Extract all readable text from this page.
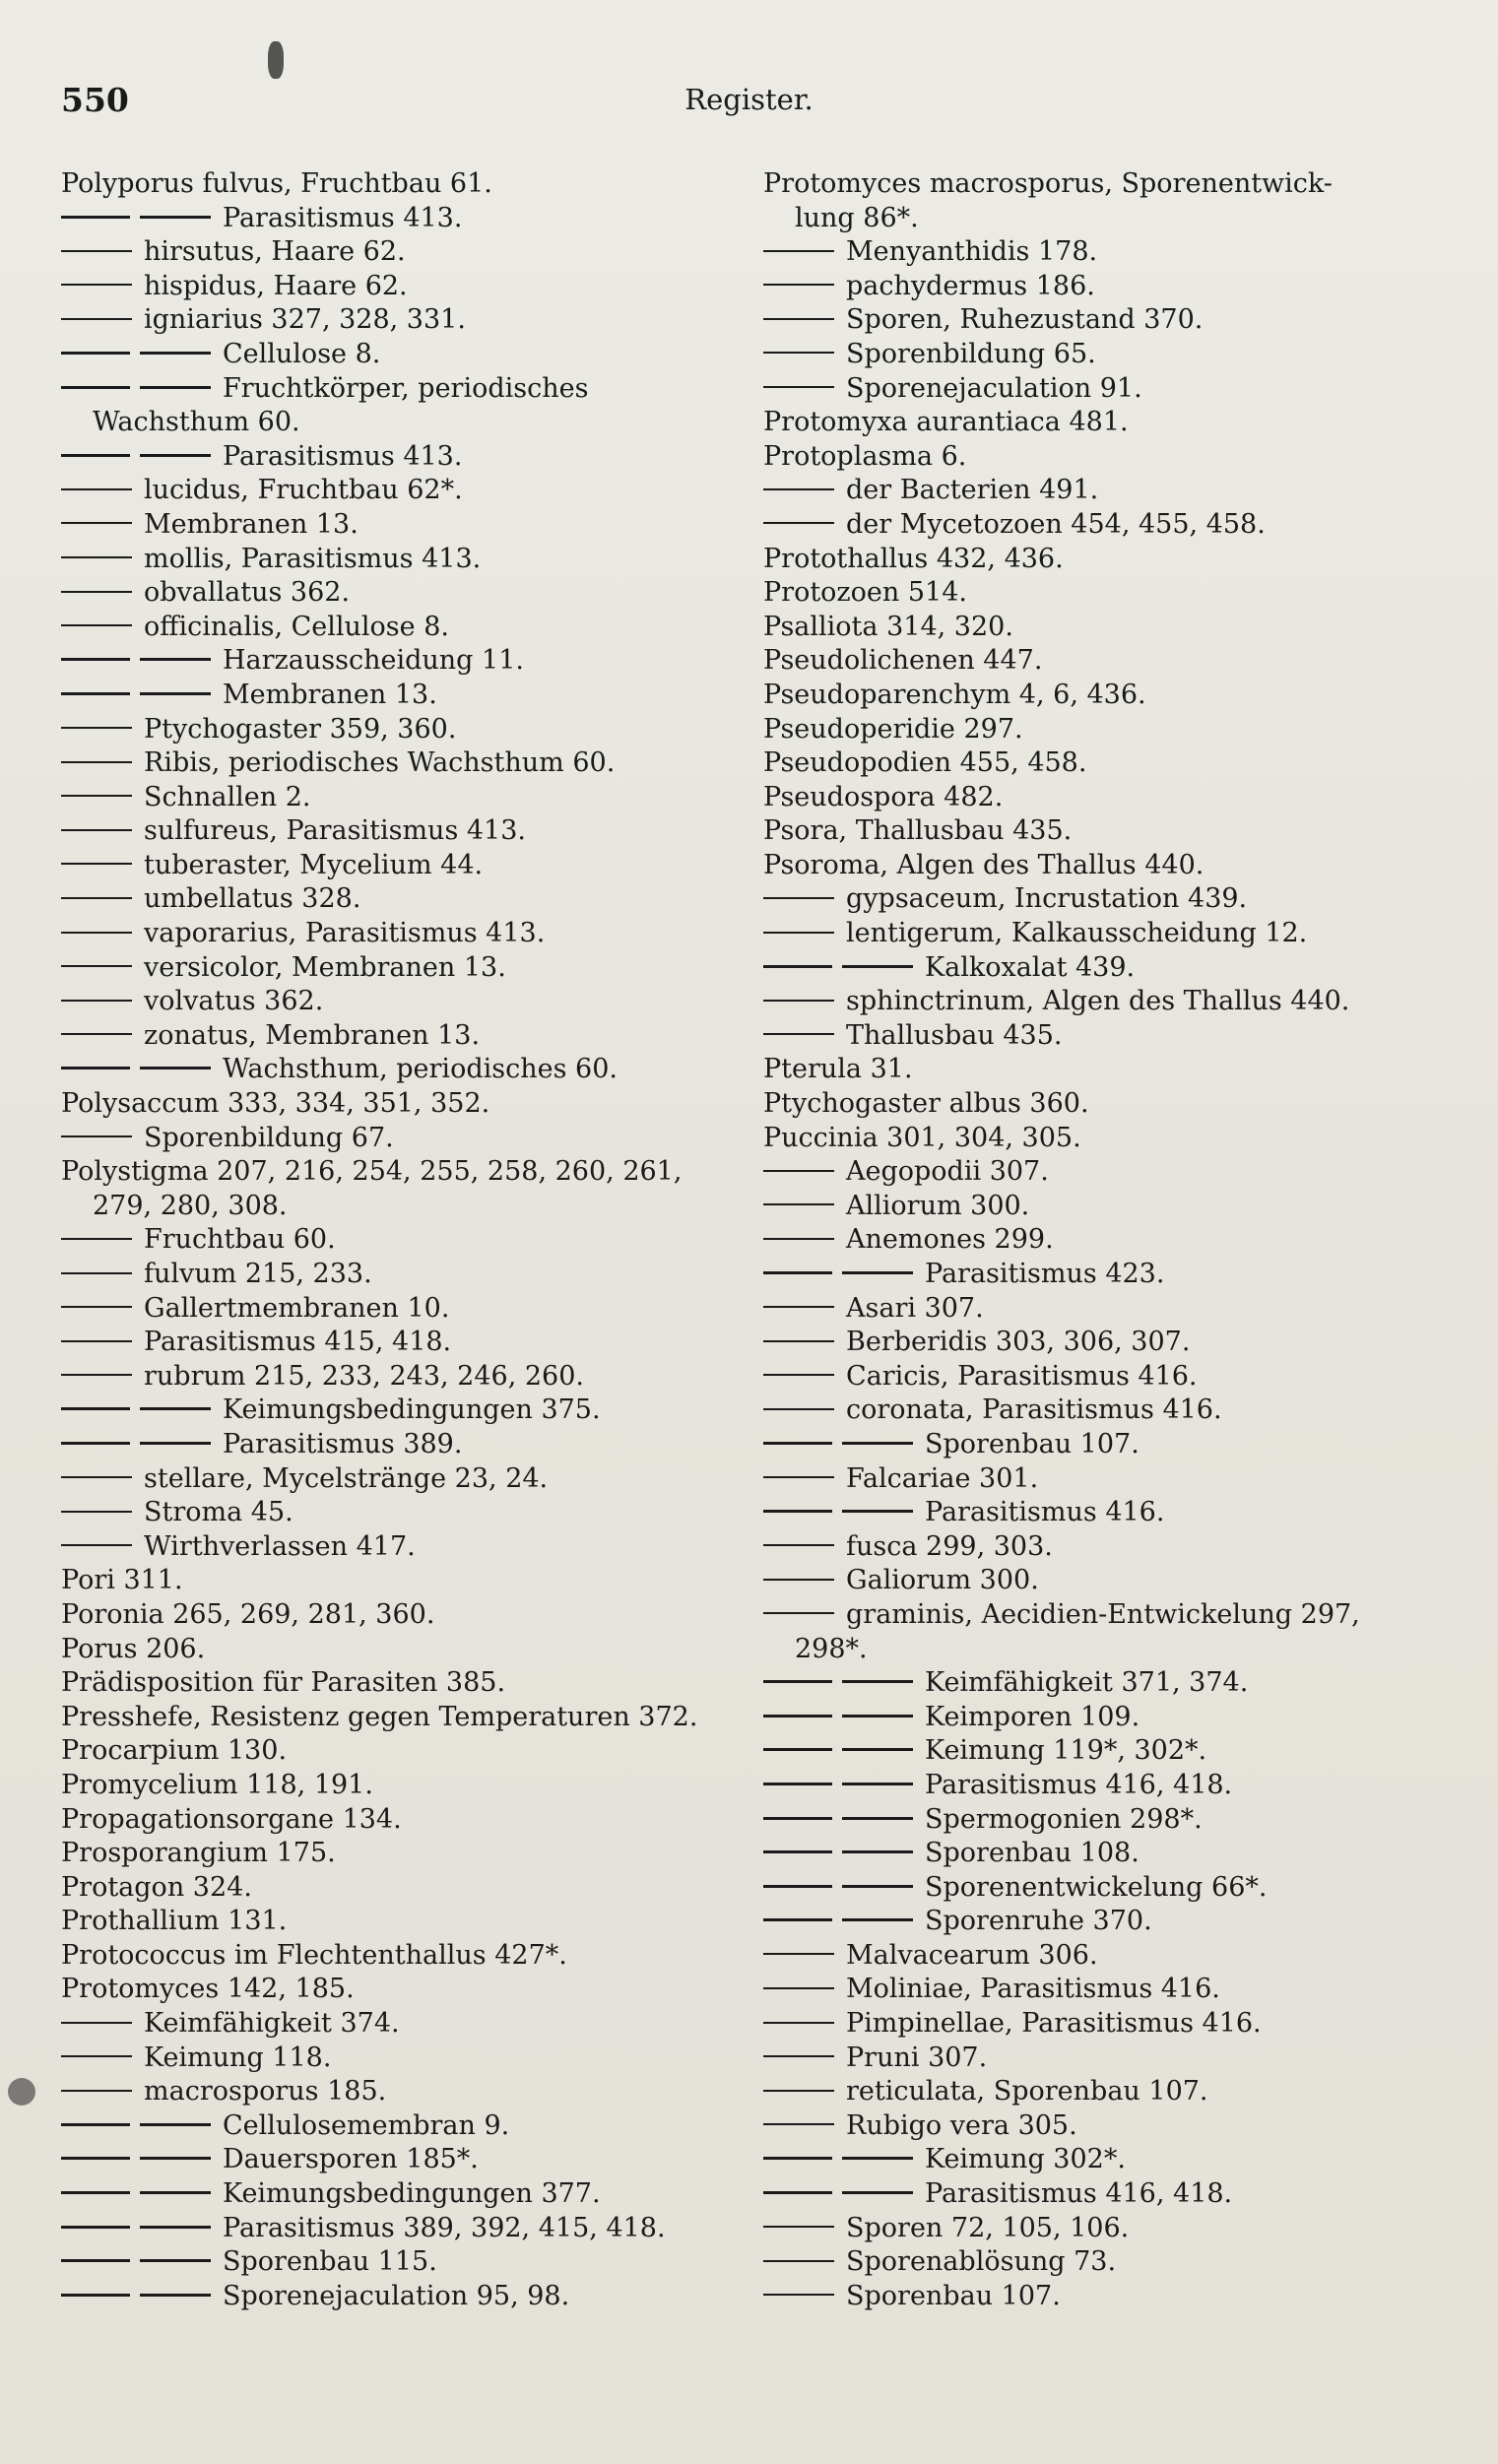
550	Register.
Polyporus fulvus, Fruchtbau 61.
Parasitismus 413.
hirsutus, Haare 62.
hispidus, Haare 62.
igniarius 327, 328, 331.
Cellulose 8.
Fruchtkörper, periodisches
Wachsthum 60.
Parasitismus 413.
lucidus, Fruchtbau 62*.
Membranen 13.
mollis, Parasitismus 413.
obvallatus 362.
officinalis, Cellulose 8.
Harzausscheidung 11.
Membranen 13.
Ptychogaster 359, 360.
Ribis, periodisches Wachsthum 60.
Schnallen 2.
sulfureus, Parasitismus 413.
tuberaster, Mycelium 44.
umbellatus 328.
vaporarius, Parasitismus 413.
versicolor, Membranen 13.
volvatus 362.
zonatus, Membranen 13.
Wachsthum, periodisches 60.
Polysaccum 333, 334, 351, 352.
Sporenbildung 67.
Polystigma 207, 216, 254, 255, 258, 260, 261,
279, 280, 308.
Fruchtbau 60.
fulvum 215, 233.
Gallertmembranen 10.
Parasitismus 415, 418.
rubrum 215, 233, 243, 246, 260.
Keimungsbedingungen 375.
Parasitismus 389.
stellare, Mycelstränge 23, 24.
Stroma 45.
Wirthverlassen 417.
Pori 311.
Poronia 265, 269, 281, 360.
Porus 206.
Prädisposition für Parasiten 385.
Presshefe, Resistenz gegen Temperaturen 372.
Procarpium 130.
Promycelium 118, 191.
Propagationsorgane 134.
Prosporangium 175.
Protagon 324.
Prothallium 131.
Protococcus im Flechtenthallus 427*.
Protomyces 142, 185.
Keimfähigkeit 374.
Keimung 118.
macrosporus 185.
Cellulosemembran 9.
Dauersporen 185*.
Keimungsbedingungen 377.
Parasitismus 389, 392, 415, 418.
Sporenbau 115.
Sporenejaculation 95, 98.
Protomyces macrosporus, Sporenentwick-
lung 86*.
Menyanthidis 178.
pachydermus 186.
Sporen, Ruhezustand 370.
Sporenbildung 65.
Sporenejaculation 91.
Protomyxa aurantiaca 481.
Protoplasma 6.
der Bacterien 491.
der Mycetozoen 454, 455, 458.
Protothallus 432, 436.
Protozoen 514.
Psalliota 314, 320.
Pseudolichenen 447.
Pseudoparenchym 4, 6, 436.
Pseudoperidie 297.
Pseudopodien 455, 458.
Pseudospora 482.
Psora, Thallusbau 435.
Psoroma, Algen des Thallus 440.
gypsaceum, Incrustation 439.
lentigerum, Kalkausscheidung 12.
Kalkoxalat 439.
sphinctrinum, Algen des Thallus 440.
Thallusbau 435.
Pterula 31.
Ptychogaster albus 360.
Puccinia 301, 304, 305.
Aegopodii 307.
Alliorum 300.
Anemones 299.
Parasitismus 423.
Asari 307.
Berberidis 303, 306, 307.
Caricis, Parasitismus 416.
coronata, Parasitismus 416.
Sporenbau 107.
Falcariae 301.
Parasitismus 416.
fusca 299, 303.
Galiorum 300.
graminis, Aecidien-Entwickelung 297,
298*.
Keimfähigkeit 371, 374.
Keimporen 109.
Keimung 119*, 302*.
Parasitismus 416, 418.
Spermogonien 298*.
Sporenbau 108.
Sporenentwickelung 66*.
Sporenruhe 370.
Malvacearum 306.
Moliniae, Parasitismus 416.
Pimpinellae, Parasitismus 416.
Pruni 307.
reticulata, Sporenbau 107.
Rubigo vera 305.
Keimung 302*.
Parasitismus 416, 418.
Sporen 72, 105, 106.
Sporenablösung 73.
Sporenbau 107.
